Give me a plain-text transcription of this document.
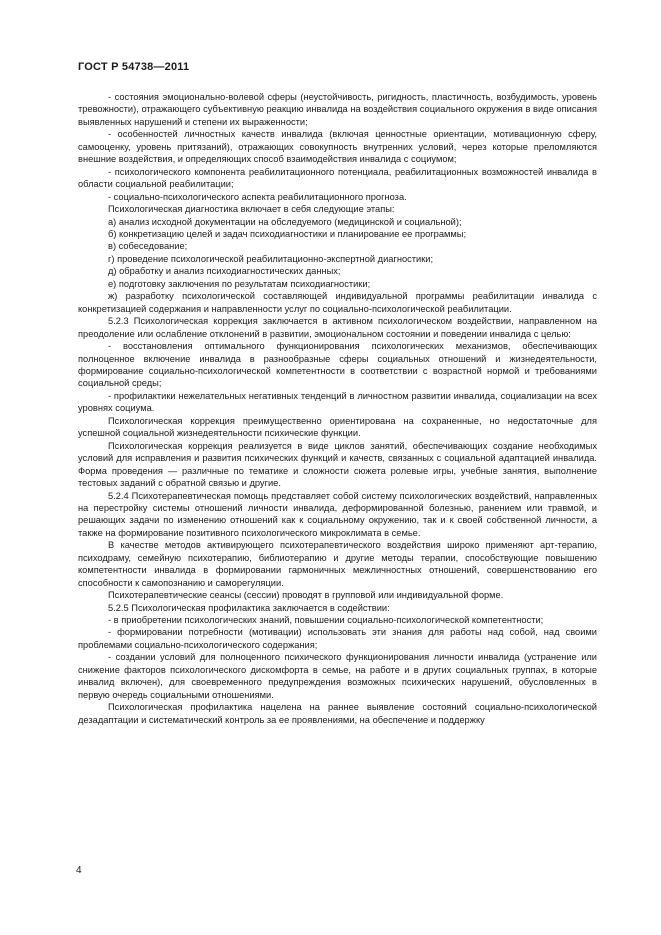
ГОСТ Р 54738—2011

- состояния эмоционально-волевой сферы (неустойчивость, ригидность, пластичность, возбудимость, уровень тревожности), отражающего субъективную реакцию инвалида на воздействия социального окружения в виде описания выявленных нарушений и степени их выраженности;

- особенностей личностных качеств инвалида (включая ценностные ориентации, мотивационную сферу, самооценку, уровень притязаний), отражающих совокупность внутренних условий, через которые преломляются внешние воздействия, и определяющих способ взаимодействия инвалида с социумом;

- психологического компонента реабилитационного потенциала, реабилитационных возможностей инвалида в области социальной реабилитации;

- социально-психологического аспекта реабилитационного прогноза.

Психологическая диагностика включает в себя следующие этапы:

а) анализ исходной документации на обследуемого (медицинской и социальной);

б) конкретизацию целей и задач психодиагностики и планирование ее программы;

в) собеседование;

г) проведение психологической реабилитационно-экспертной диагностики;

д) обработку и анализ психодиагностических данных;

е) подготовку заключения по результатам психодиагностики;

ж) разработку психологической составляющей индивидуальной программы реабилитации инвалида с конкретизацией содержания и направленности услуг по социально-психологической реабилитации.

5.2.3 Психологическая коррекция заключается в активном психологическом воздействии, направленном на преодоление или ослабление отклонений в развитии, эмоциональном состоянии и поведении инвалида с целью:

- восстановления оптимального функционирования психологических механизмов, обеспечивающих полноценное включение инвалида в разнообразные сферы социальных отношений и жизнедеятельности, формирование социально-психологической компетентности в соответствии с возрастной нормой и требованиями социальной среды;

- профилактики нежелательных негативных тенденций в личностном развитии инвалида, социализации на всех уровнях социума.

Психологическая коррекция преимущественно ориентирована на сохраненные, но недостаточные для успешной социальной жизнедеятельности психические функции.

Психологическая коррекция реализуется в виде циклов занятий, обеспечивающих создание необходимых условий для исправления и развития психических функций и качеств, связанных с социальной адаптацией инвалида. Форма проведения — различные по тематике и сложности сюжета ролевые игры, учебные занятия, выполнение тестовых заданий с обратной связью и другие.

5.2.4 Психотерапевтическая помощь представляет собой систему психологических воздействий, направленных на перестройку системы отношений личности инвалида, деформированной болезнью, ранением или травмой, и решающих задачи по изменению отношений как к социальному окружению, так и к своей собственной личности, а также на формирование позитивного психологического микроклимата в семье.

В качестве методов активирующего психотерапевтического воздействия широко применяют арт-терапию, психодраму, семейную психотерапию, библиотерапию и другие методы терапии, способствующие повышению компетентности инвалида в формировании гармоничных межличностных отношений, совершенствованию его способности к самопознанию и саморегуляции.

Психотерапевтические сеансы (сессии) проводят в групповой или индивидуальной форме.

5.2.5 Психологическая профилактика заключается в содействии:

- в приобретении психологических знаний, повышении социально-психологической компетентности;

- формировании потребности (мотивации) использовать эти знания для работы над собой, над своими проблемами социально-психологического содержания;

- создании условий для полноценного психического функционирования личности инвалида (устранение или снижение факторов психологического дискомфорта в семье, на работе и в других социальных группах, в которые инвалид включен), для своевременного предупреждения возможных психических нарушений, обусловленных в первую очередь социальными отношениями.

Психологическая профилактика нацелена на раннее выявление состояний социально-психологической дезадаптации и систематический контроль за ее проявлениями, на обеспечение и поддержку

4
